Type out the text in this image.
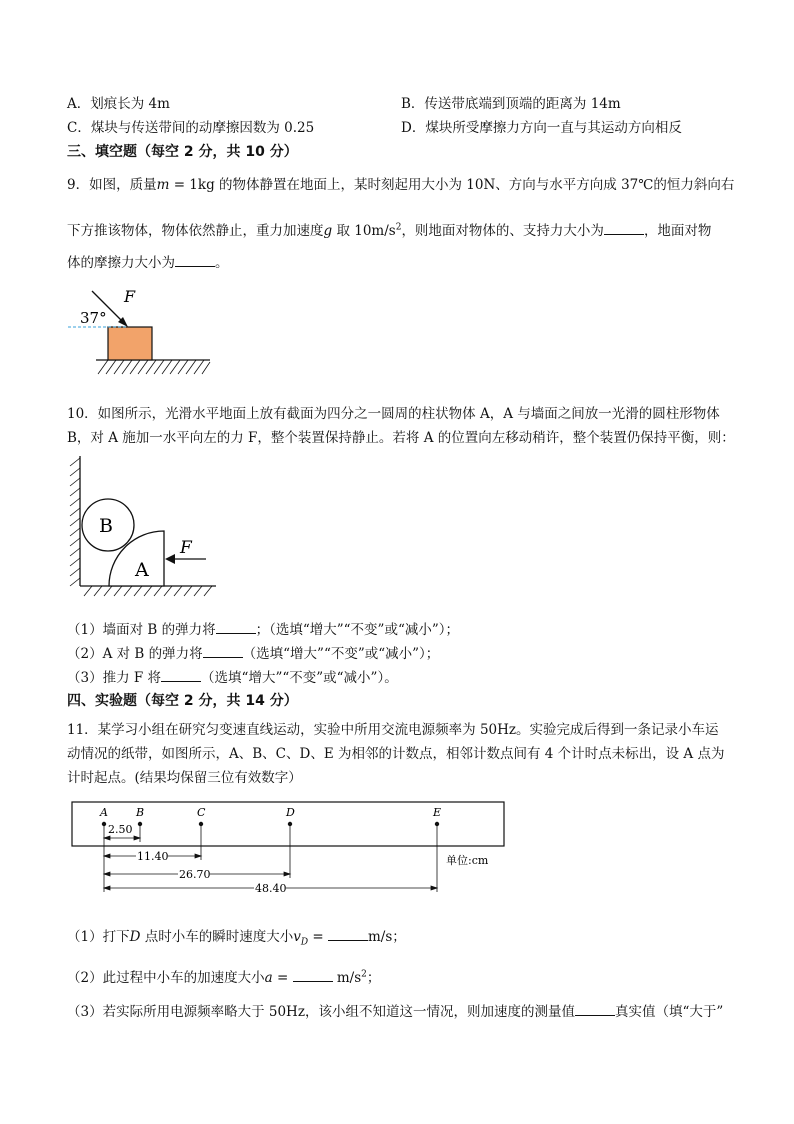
A．划痕长为 4m	B．传送带底端到顶端的距离为 14m
C．煤块与传送带间的动摩擦因数为 0.25	D．煤块所受摩擦力方向一直与其运动方向相反
三、填空题（每空 2 分，共 10 分）
9．如图，质量m = 1kg 的物体静置在地面上，某时刻起用大小为 10N、方向与水平方向成 37℃的恒力斜向右
下方推该物体，物体依然静止，重力加速度g 取 $10m/s^2$，则地面对物体的、支持力大小为	，地面对物
体的摩擦力大小为	。
F
37°
10．如图所示，光滑水平地面上放有截面为四分之一圆周的柱状物体 A，A 与墙面之间放一光滑的圆柱形物体
B，对 A 施加一水平向左的力 F，整个装置保持静止。若将 A 的位置向左移动稍许，整个装置仍保持平衡，则：
B
A
F
（1）墙面对 B 的弹力将	；（选填“增大”“不变”或“减小”）；
（2）A 对 B 的弹力将	（选填“增大”“不变”或“减小”）；
（3）推力 F 将	（选填“增大”“不变”或“减小”）。
四、实验题（每空 2 分，共 14 分）
11．某学习小组在研究匀变速直线运动，实验中所用交流电源频率为 50Hz。实验完成后得到一条记录小车运
动情况的纸带，如图所示，A、B、C、D、E 为相邻的计数点，相邻计数点间有 4 个计时点未标出，设 A 点为
计时起点。(结果均保留三位有效数字）
A	B	C	D	E
2.50
11.40
26.70
48.40
单位:cm
（1）打下D 点时小车的瞬时速度大小$v_D$ =	m/s；
（2）此过程中小车的加速度大小a =	$m/s^2$；
（3）若实际所用电源频率略大于 50Hz，该小组不知道这一情况，则加速度的测量值	真实值（填“大于”
